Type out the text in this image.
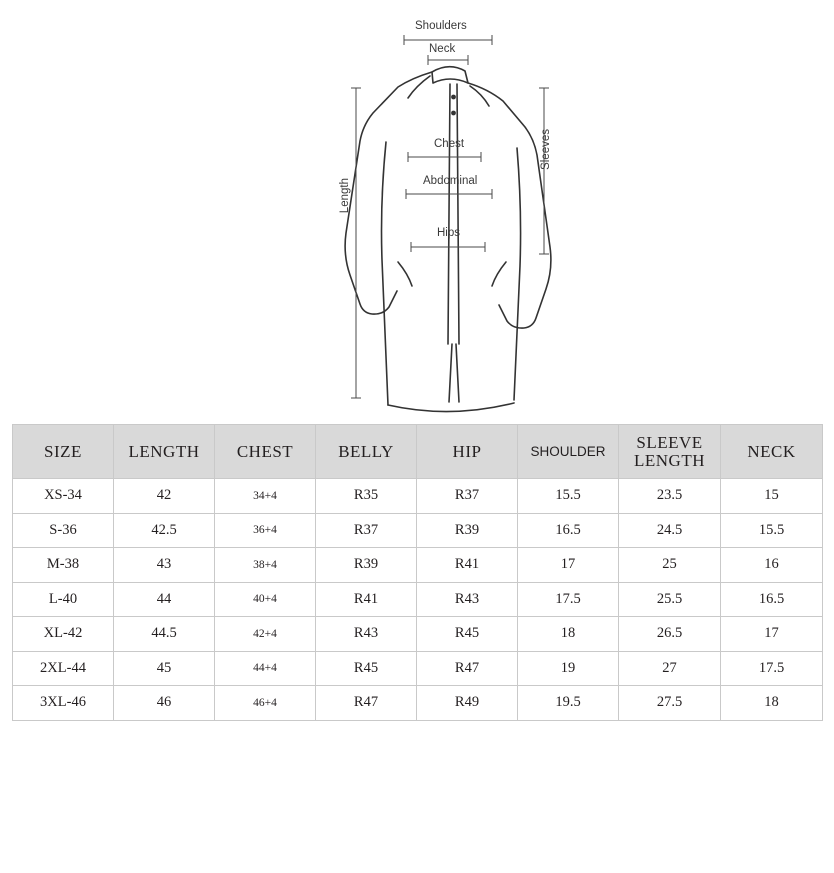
Shoulders
Neck
Chest
Abdominal
Hips
Length
Sleeves
SIZE	LENGTH	CHEST	BELLY	HIP	SHOULDER	SLEEVE LENGTH	NECK
XS-34	42	34+4	R35	R37	15.5	23.5	15
S-36	42.5	36+4	R37	R39	16.5	24.5	15.5
M-38	43	38+4	R39	R41	17	25	16
L-40	44	40+4	R41	R43	17.5	25.5	16.5
XL-42	44.5	42+4	R43	R45	18	26.5	17
2XL-44	45	44+4	R45	R47	19	27	17.5
3XL-46	46	46+4	R47	R49	19.5	27.5	18
